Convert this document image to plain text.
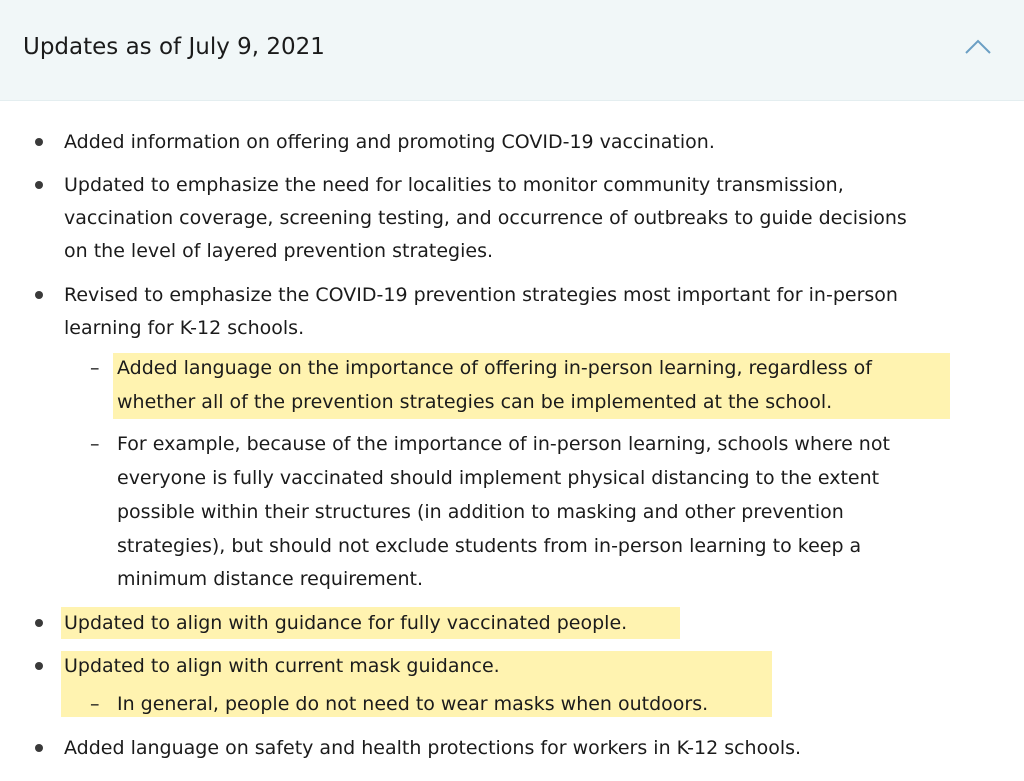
Updates as of July 9, 2021
Added information on offering and promoting COVID-19 vaccination.
Updated to emphasize the need for localities to monitor community transmission,
vaccination coverage, screening testing, and occurrence of outbreaks to guide decisions
on the level of layered prevention strategies.
Revised to emphasize the COVID-19 prevention strategies most important for in-person
learning for K-12 schools.
– Added language on the importance of offering in-person learning, regardless of
whether all of the prevention strategies can be implemented at the school.
– For example, because of the importance of in-person learning, schools where not
everyone is fully vaccinated should implement physical distancing to the extent
possible within their structures (in addition to masking and other prevention
strategies), but should not exclude students from in-person learning to keep a
minimum distance requirement.
Updated to align with guidance for fully vaccinated people.
Updated to align with current mask guidance.
– In general, people do not need to wear masks when outdoors.
Added language on safety and health protections for workers in K-12 schools.
